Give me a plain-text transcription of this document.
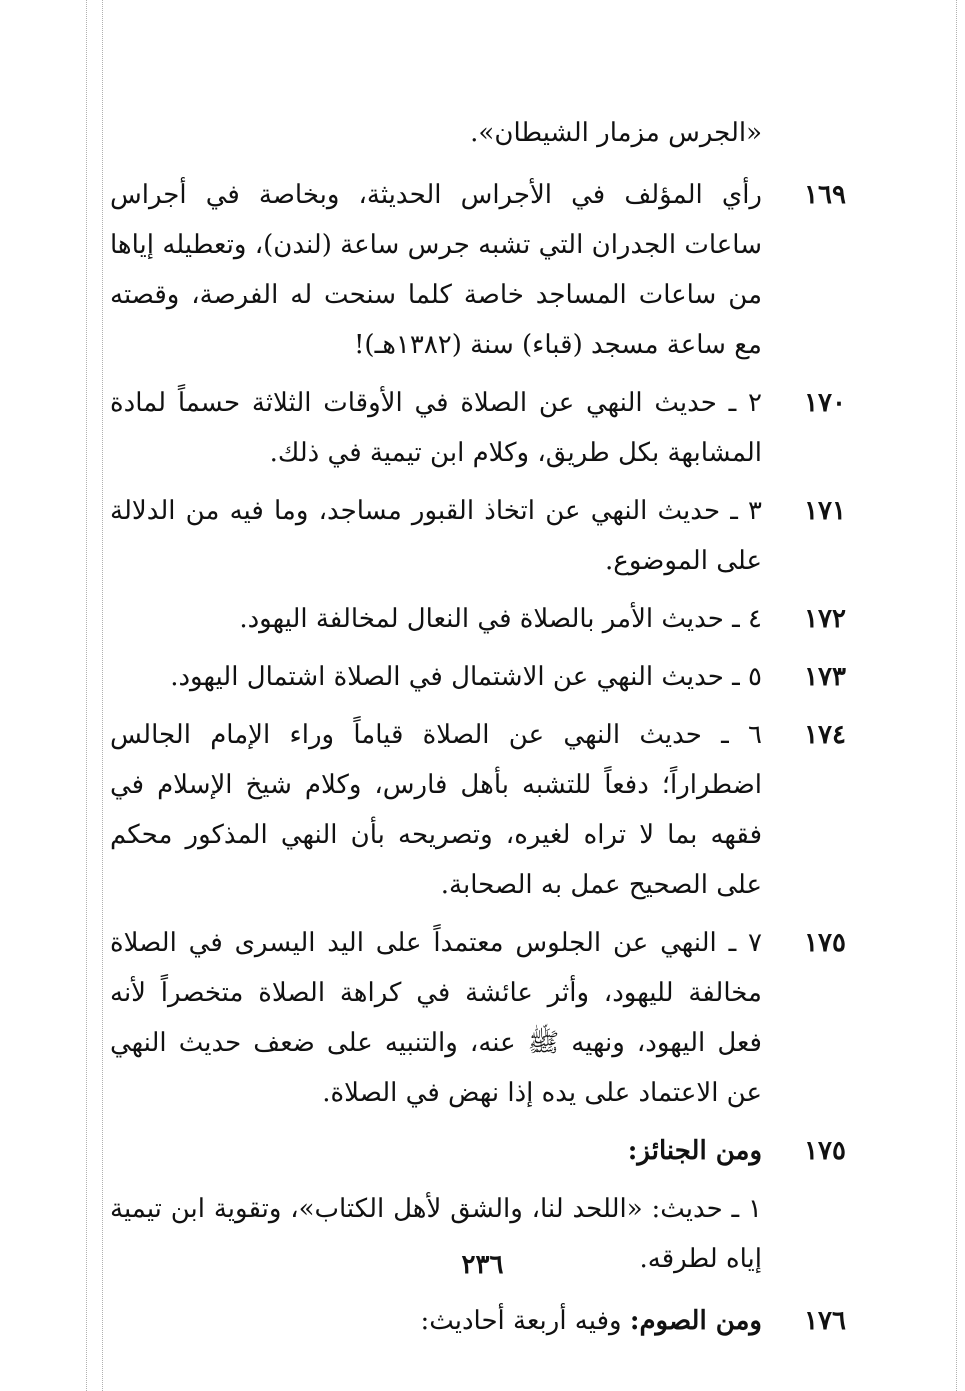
«الجرس مزمار الشيطان».
١٦٩
رأي المؤلف في الأجراس الحديثة، وبخاصة في أجراس ساعات الجدران التي تشبه جرس ساعة (لندن)، وتعطيله إياها من ساعات المساجد خاصة كلما سنحت له الفرصة، وقصته مع ساعة مسجد (قباء) سنة (١٣٨٢هـ)!
١٧٠
٢ ـ حديث النهي عن الصلاة في الأوقات الثلاثة حسماً لمادة المشابهة بكل طريق، وكلام ابن تيمية في ذلك.
١٧١
٣ ـ حديث النهي عن اتخاذ القبور مساجد، وما فيه من الدلالة على الموضوع.
١٧٢
٤ ـ حديث الأمر بالصلاة في النعال لمخالفة اليهود.
١٧٣
٥ ـ حديث النهي عن الاشتمال في الصلاة اشتمال اليهود.
١٧٤
٦ ـ حديث النهي عن الصلاة قياماً وراء الإمام الجالس اضطراراً؛ دفعاً للتشبه بأهل فارس، وكلام شيخ الإسلام في فقهه بما لا تراه لغيره، وتصريحه بأن النهي المذكور محكم على الصحيح عمل به الصحابة.
١٧٥
٧ ـ النهي عن الجلوس معتمداً على اليد اليسرى في الصلاة مخالفة لليهود، وأثر عائشة في كراهة الصلاة متخصراً لأنه فعل اليهود، ونهيه ﷺ عنه، والتنبيه على ضعف حديث النهي عن الاعتماد على يده إذا نهض في الصلاة.
١٧٥
ومن الجنائز:
١ ـ حديث: «اللحد لنا، والشق لأهل الكتاب»، وتقوية ابن تيمية إياه لطرقه.
١٧٦
ومن الصوم: وفيه أربعة أحاديث:
٢٣٦
